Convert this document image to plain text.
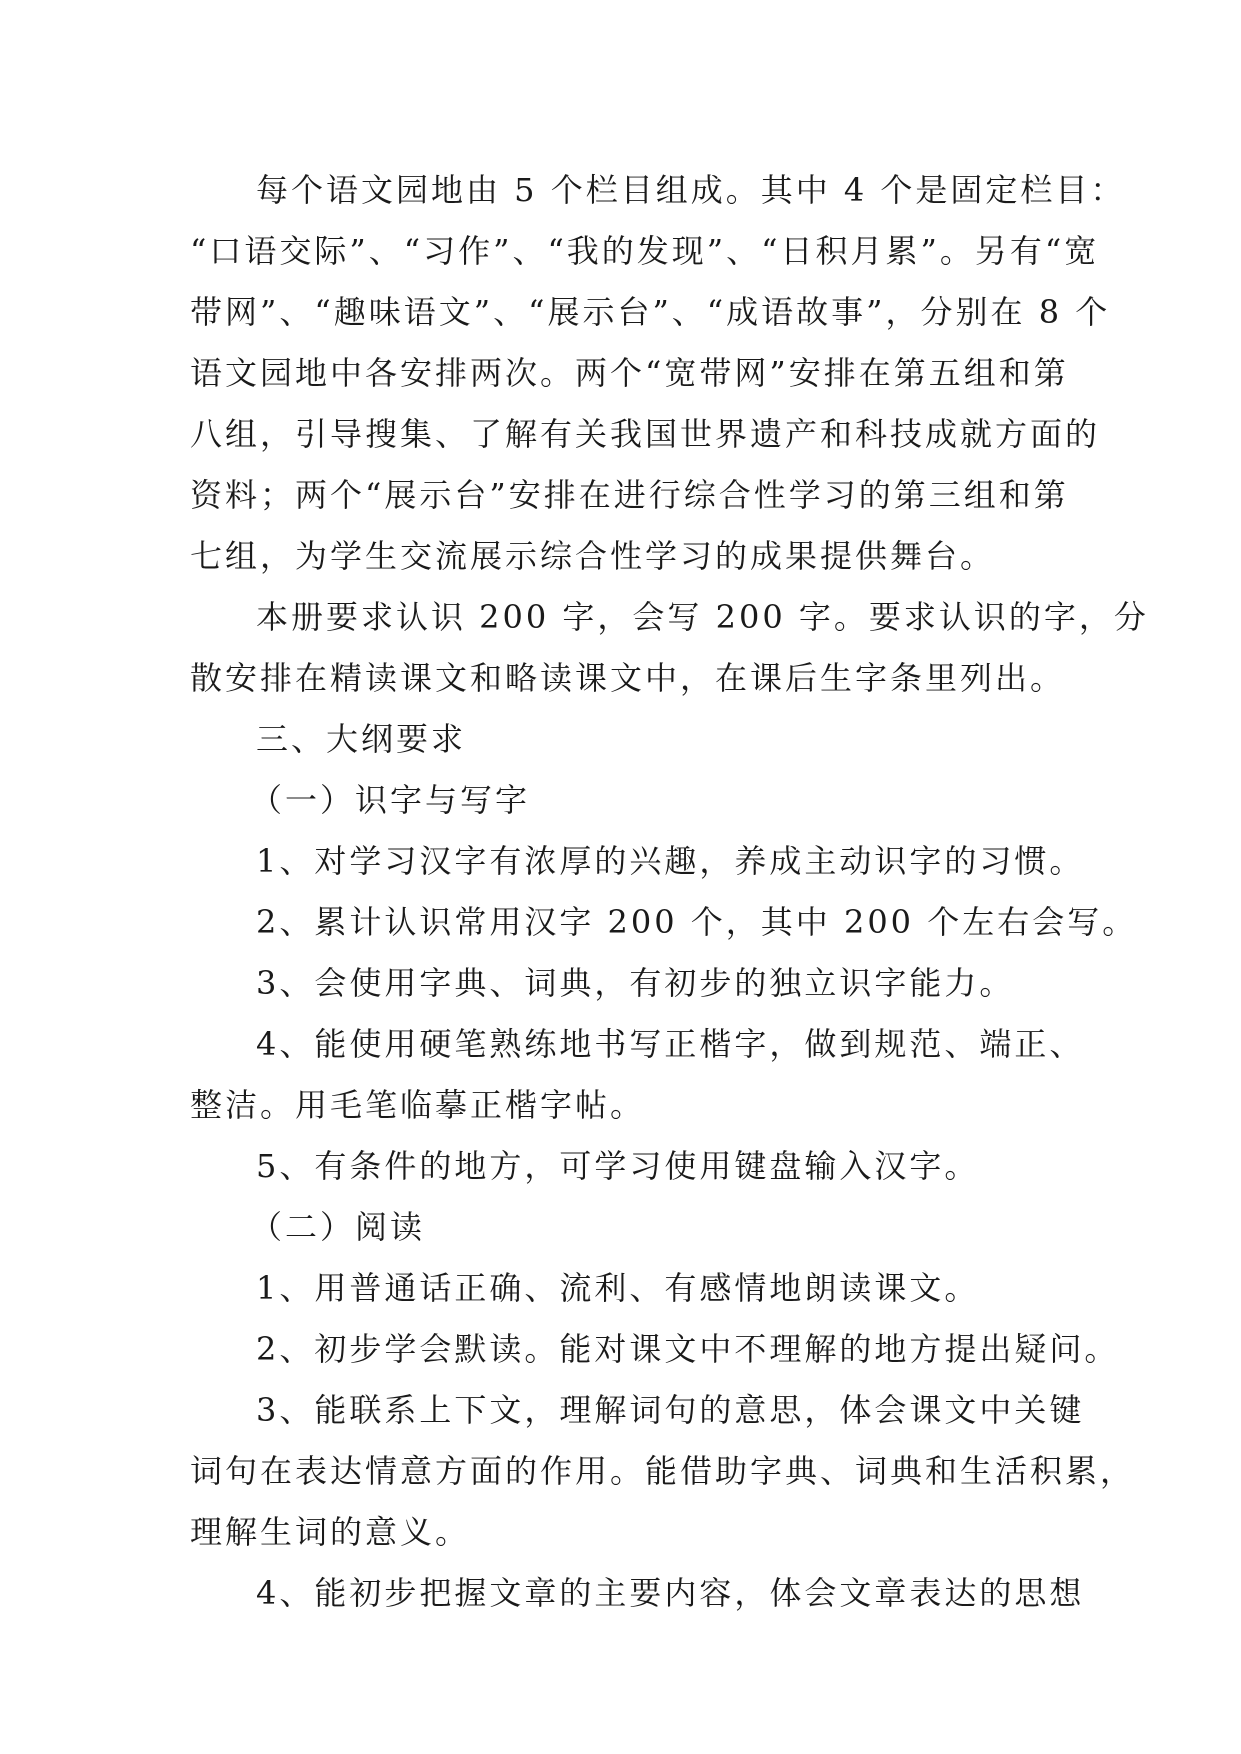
每个语文园地由 5 个栏目组成。其中 4 个是固定栏目：
“口语交际”、“习作”、“我的发现”、“日积月累”。另有“宽
带网”、“趣味语文”、“展示台”、“成语故事”，分别在 8 个
语文园地中各安排两次。两个“宽带网”安排在第五组和第
八组，引导搜集、了解有关我国世界遗产和科技成就方面的
资料；两个“展示台”安排在进行综合性学习的第三组和第
七组，为学生交流展示综合性学习的成果提供舞台。
本册要求认识 200 字，会写 200 字。要求认识的字，分
散安排在精读课文和略读课文中，在课后生字条里列出。
三、大纲要求
（一）识字与写字
1、对学习汉字有浓厚的兴趣，养成主动识字的习惯。
2、累计认识常用汉字 200 个，其中 200 个左右会写。
3、会使用字典、词典，有初步的独立识字能力。
4、能使用硬笔熟练地书写正楷字，做到规范、端正、
整洁。用毛笔临摹正楷字帖。
5、有条件的地方，可学习使用键盘输入汉字。
（二）阅读
1、用普通话正确、流利、有感情地朗读课文。
2、初步学会默读。能对课文中不理解的地方提出疑问。
3、能联系上下文，理解词句的意思，体会课文中关键
词句在表达情意方面的作用。能借助字典、词典和生活积累，
理解生词的意义。
4、能初步把握文章的主要内容，体会文章表达的思想
